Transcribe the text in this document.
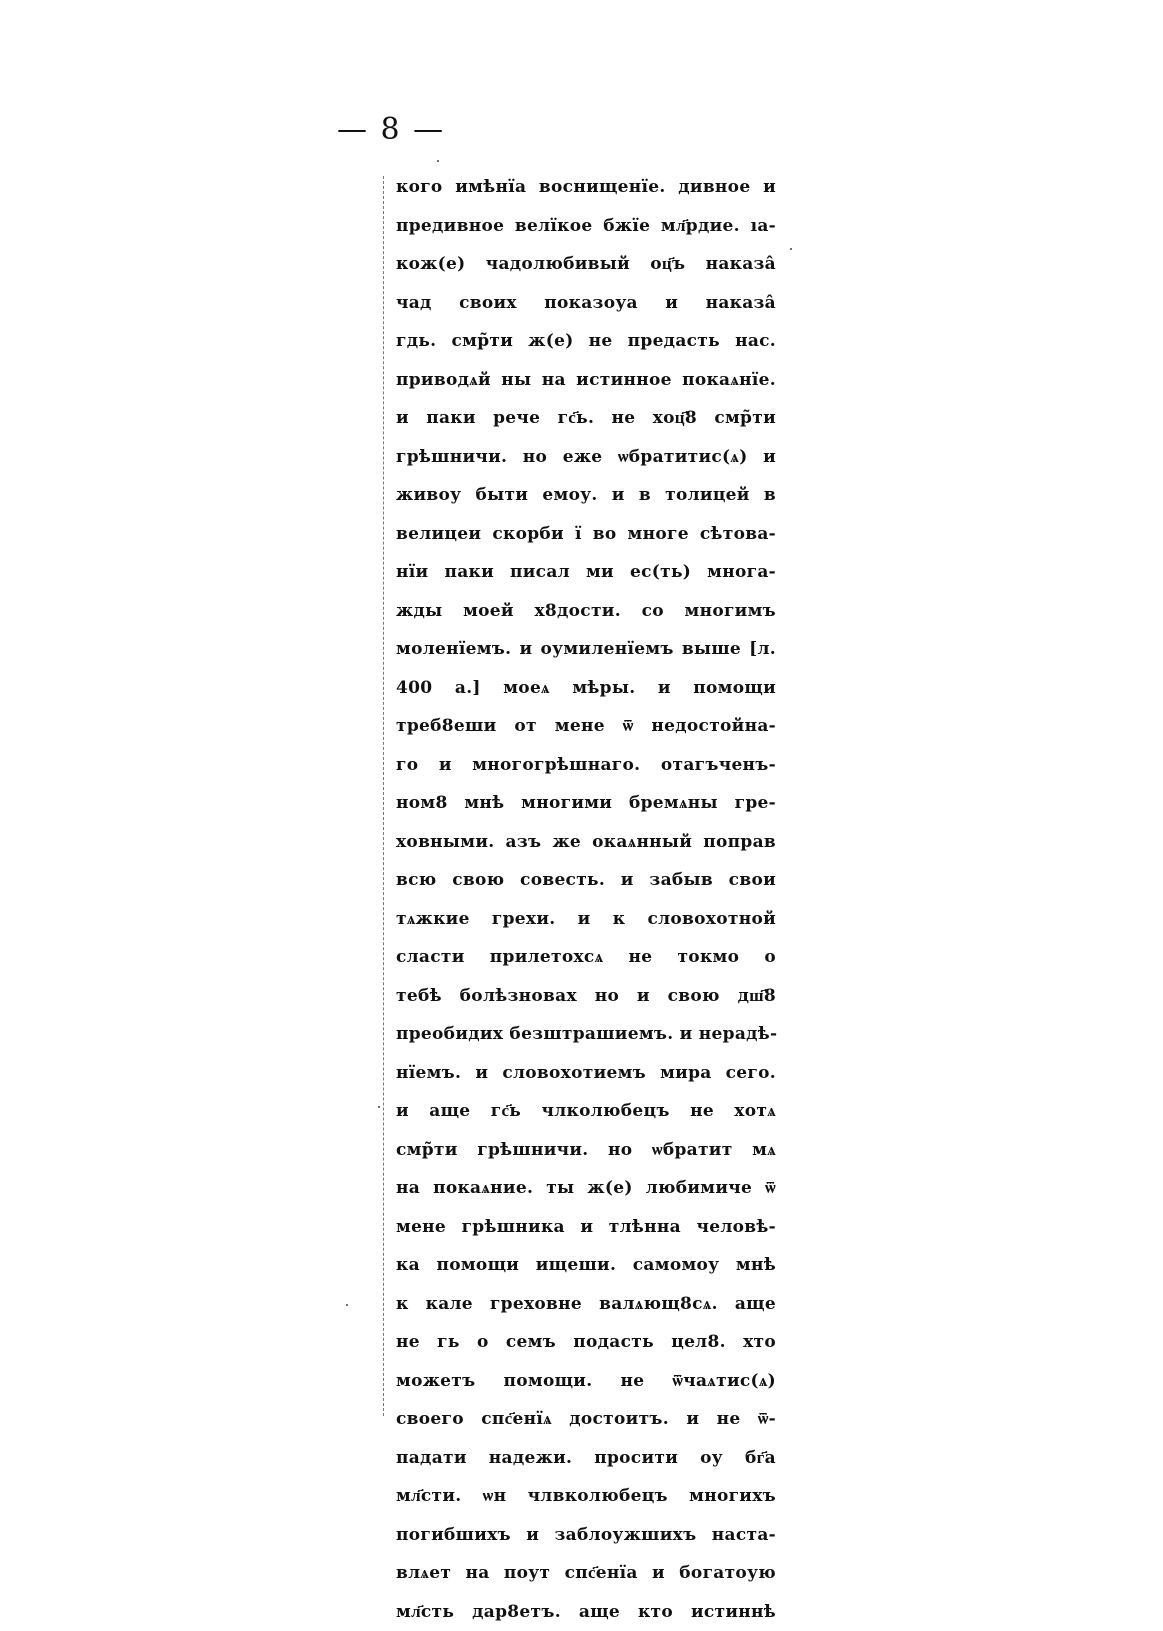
— 8 —
кого имѣнїа воснищенїе. дивное и
предивное велїкое бжїе мл҃рдие. ıа-
кож(е) чадолюбивый оц҃ъ наказа̂
чад своих показоуа и наказа̂
гдь. смр̃ти ж(е) не предасть нас.
приводѧй ны на истинное покаѧнїе.
и паки рече гс҃ь. не хоц҃8 смр̃ти
грѣшничи. но еже ѡбратитис(ѧ) и
живоу быти емоу. и в толицей в
велицеи скорби ї во многе сѣтова-
нїи паки писал ми ес(ть) многа-
жды моей х8дости. со многимъ
моленїемъ. и оумиленїемъ выше [л.
400 а.] моеѧ мѣры. и помощи
треб8еши от мене ѿ недостойна-
го и многогрѣшнаго. отагъченъ-
ном8 мнѣ многими бремѧны гре-
ховными. азъ же окаѧнный поправ
всю свою совесть. и забыв свои
тѧжкие грехи. и к словохотной
сласти прилетохсѧ не токмо о
тебѣ болѣзновах но и свою дш҃8
преобидих безштрашиемъ. и нерадѣ-
нїемъ. и словохотиемъ мира сего.
и аще гс҃ь члколюбецъ не хотѧ
смр̃ти грѣшничи. но ѡбратит мѧ
на покаѧние. ты ж(е) любимиче ѿ
мене грѣшника и тлѣнна человѣ-
ка помощи ищеши. самомоу мнѣ
к кале греховне валѧющ8сѧ. аще
не гь о семъ подасть цел8. хто
можетъ помощи. не ѿчаѧтис(ѧ)
своего спс҃енїѧ достоитъ. и не ѿ-
падати надежи. просити оу бг҃а
мл҃сти. ѡн члвколюбецъ многихъ
погибшихъ и заблоужшихъ наста-
влѧет на поут спс҃енїа и богатоую
мл҃сть дар8етъ. аще кто истиннѣ
